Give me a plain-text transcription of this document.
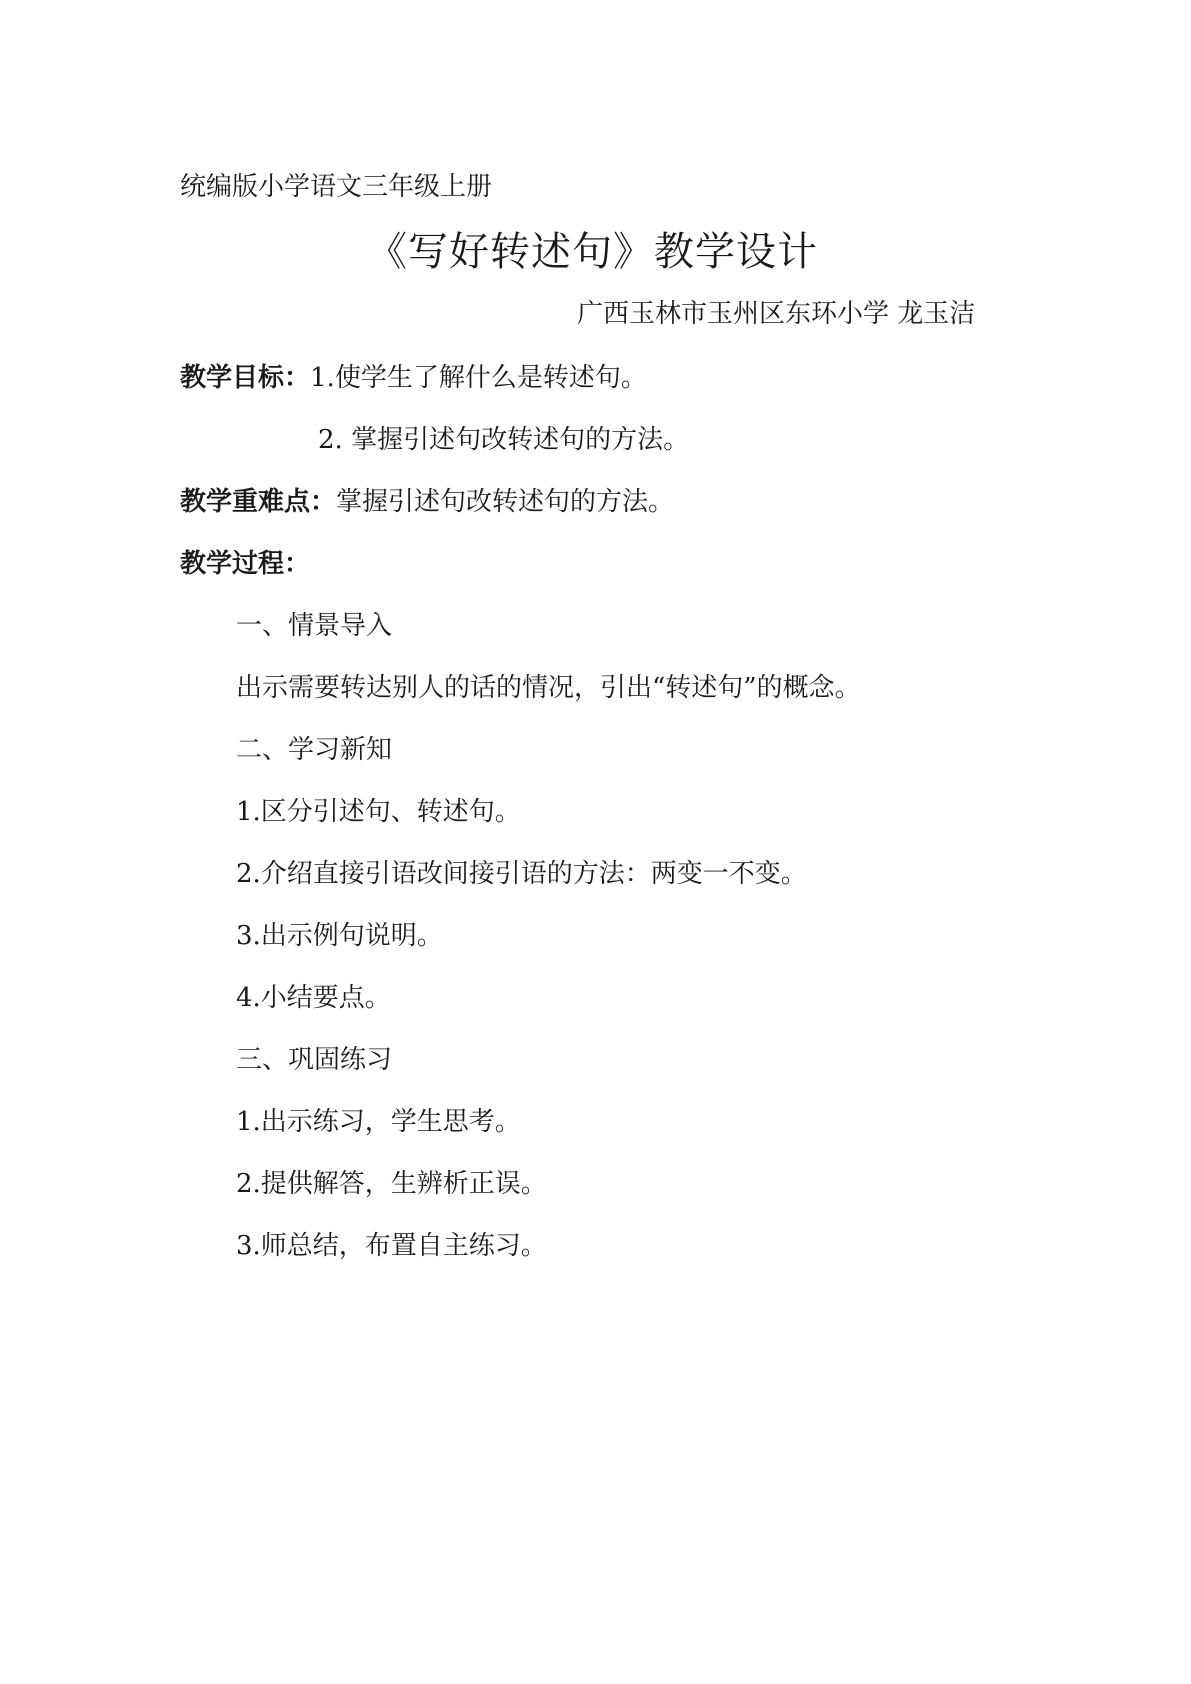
统编版小学语文三年级上册
《写好转述句》教学设计
广西玉林市玉州区东环小学 龙玉洁
教学目标：1.使学生了解什么是转述句。
2. 掌握引述句改转述句的方法。
教学重难点：掌握引述句改转述句的方法。
教学过程：
一、情景导入
出示需要转达别人的话的情况，引出“转述句”的概念。
二、学习新知
1.区分引述句、转述句。
2.介绍直接引语改间接引语的方法：两变一不变。
3.出示例句说明。
4.小结要点。
三、巩固练习
1.出示练习，学生思考。
2.提供解答，生辨析正误。
3.师总结，布置自主练习。
